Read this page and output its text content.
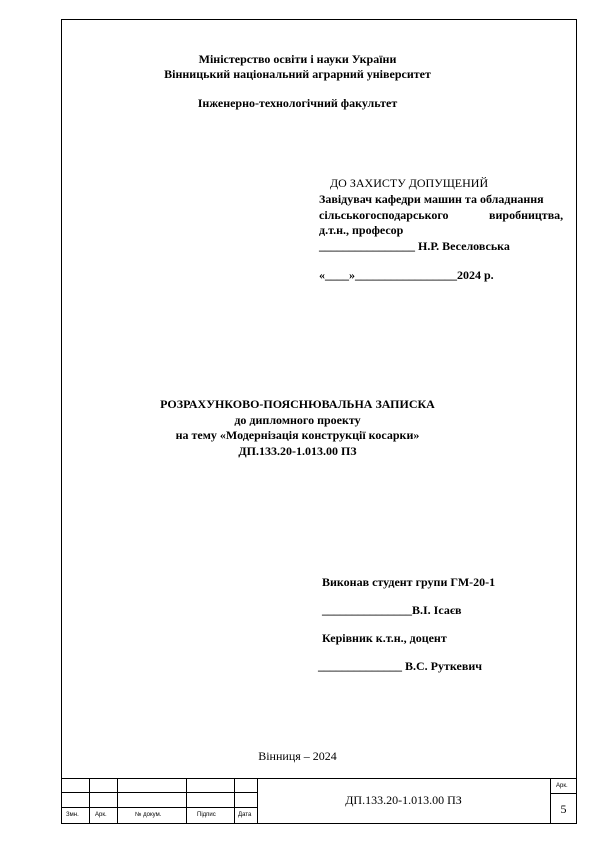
Міністерство освіти і науки України
Вінницький національний аграрний університет
Інженерно-технологічний факультет
ДО ЗАХИСТУ ДОПУЩЕНИЙ
Завідувач кафедри машин та обладнання
сільськогосподарського	виробництва,
д.т.н., професор
________________ Н.Р. Веселовська
«____»_________________2024 р.
РОЗРАХУНКОВО-ПОЯСНЮВАЛЬНА ЗАПИСКА
до дипломного проекту
на тему «Модернізація конструкції косарки»
ДП.133.20-1.013.00 ПЗ
Виконав студент групи ГМ-20-1
_______________В.І. Ісаєв
Керівник к.т.н., доцент
______________ В.С. Руткевич
Вінниця – 2024
Змн.	Арк.	№ докум.	Підпис	Дата
ДП.133.20-1.013.00 ПЗ
Арк.
5
